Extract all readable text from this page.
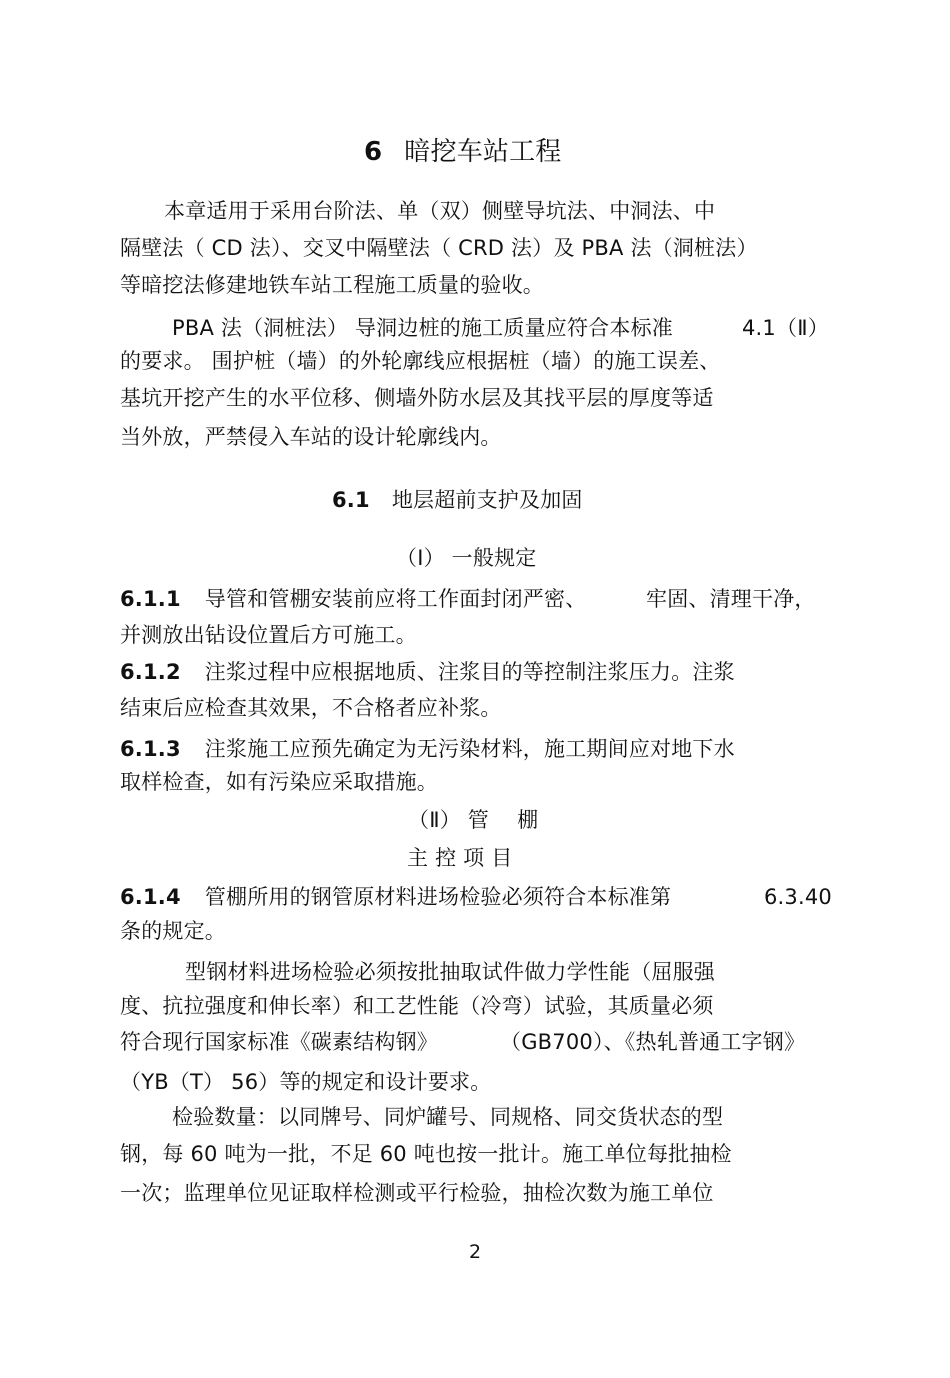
6 暗挖车站工程
本章适用于采用台阶法、单（双）侧壁导坑法、中洞法、中
隔壁法（ CD 法）、交叉中隔壁法（ CRD 法）及 PBA 法（洞桩法）
等暗挖法修建地铁车站工程施工质量的验收。
PBA 法（洞桩法） 导洞边桩的施工质量应符合本标准	4.1（Ⅱ）
的要求。 围护桩（墙）的外轮廓线应根据桩（墙）的施工误差、
基坑开挖产生的水平位移、侧墙外防水层及其找平层的厚度等适
当外放，严禁侵入车站的设计轮廓线内。
6.1 地层超前支护及加固
（Ⅰ） 一般规定
6.1.1 导管和管棚安装前应将工作面封闭严密、	牢固、清理干净，
并测放出钻设位置后方可施工。
6.1.2 注浆过程中应根据地质、注浆目的等控制注浆压力。注浆
结束后应检查其效果，不合格者应补浆。
6.1.3 注浆施工应预先确定为无污染材料，施工期间应对地下水
取样检查，如有污染应采取措施。
（Ⅱ） 管　 棚
主 控 项 目
6.1.4 管棚所用的钢管原材料进场检验必须符合本标准第	6.3.40
条的规定。
型钢材料进场检验必须按批抽取试件做力学性能（屈服强
度、抗拉强度和伸长率）和工艺性能（冷弯）试验，其质量必须
符合现行国家标准《碳素结构钢》	（GB700）、《热轧普通工字钢》
（YB（T） 56）等的规定和设计要求。
检验数量：以同牌号、同炉罐号、同规格、同交货状态的型
钢，每 60 吨为一批，不足 60 吨也按一批计。施工单位每批抽检
一次；监理单位见证取样检测或平行检验，抽检次数为施工单位
2
